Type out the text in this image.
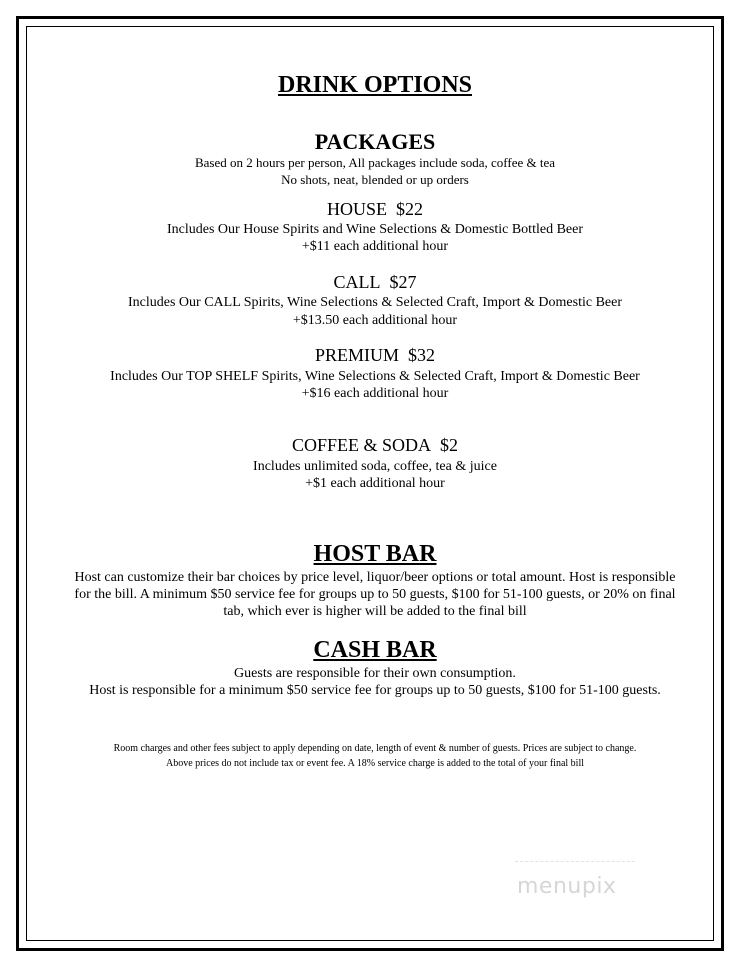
DRINK OPTIONS
PACKAGES

Based on 2 hours per person, All packages include soda, coffee & tea

No shots, neat, blended or up orders

HOUSE $22

Includes Our House Spirits and Wine Selections & Domestic Bottled Beer

+$11 each additional hour

CALL $27

Includes Our CALL Spirits, Wine Selections & Selected Craft, Import & Domestic Beer

+$13.50 each additional hour

PREMIUM $32

Includes Our TOP SHELF Spirits, Wine Selections & Selected Craft, Import & Domestic Beer

+$16 each additional hour

COFFEE & SODA $2

Includes unlimited soda, coffee, tea & juice

+$1 each additional hour

HOST BAR

Host can customize their bar choices by price level, liquor/beer options or total amount. Host is responsible

for the bill. A minimum $50 service fee for groups up to 50 guests, $100 for 51-100 guests, or 20% on final

tab, which ever is higher will be added to the final bill

CASH BAR

Guests are responsible for their own consumption.

Host is responsible for a minimum $50 service fee for groups up to 50 guests, $100 for 51-100 guests.

Room charges and other fees subject to apply depending on date, length of event & number of guests. Prices are subject to change.

Above prices do not include tax or event fee. A 18% service charge is added to the total of your final bill

menupix
